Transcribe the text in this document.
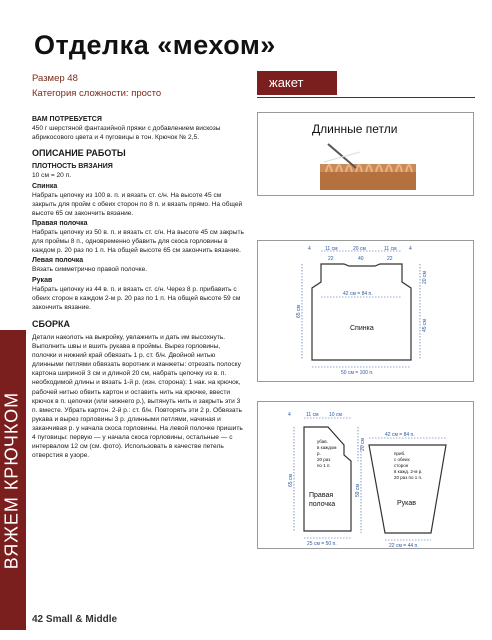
Отделка «мехом»
Размер 48
Категория сложности: просто
жакет
ВАМ ПОТРЕБУЕТСЯ

450 г шерстяной фантазийной пряжи с добавлением вискозы абрикосового цвета и 4 пуговицы в тон. Крючок № 2,5.

ОПИСАНИЕ РАБОТЫ
ПЛОТНОСТЬ ВЯЗАНИЯ

10 см = 20 п.

Спинка

Набрать цепочку из 100 в. п. и вязать ст. с/н. На высоте 45 см закрыть для пройм с обеих сторон по 8 п. и вязать прямо. На общей высоте 65 см закончить вязание.

Правая полочка

Набрать цепочку из 50 в. п. и вязать ст. с/н. На высоте 45 см закрыть для проймы 8 п., одновременно убавить для скоса горловины в каждом р. 20 раз по 1 п. На общей высоте 65 см закончить вязание.

Левая полочка

Вязать симметрично правой полочке.

Рукав

Набрать цепочку из 44 в. п. и вязать ст. с/н. Через 8 р. прибавить с обеих сторон в каждом 2-м р. 20 раз по 1 п. На общей высоте 59 см закончить вязание.

СБОРКА

Детали наколоть на выкройку, увлажнить и дать им высохнуть. Выполнить швы и вшить рукава в проймы. Вырез горловины, полочки и нижний край обвязать 1 р. ст. б/н. Двойной нитью длинными петлями обвязать воротник и манжеты: отрезать полоску картона шириной 3 см и длиной 20 см, набрать цепочку из в. п. необходимой длины и вязать 1-й р. (изн. сторона): 1 нак. на крючок, рабочей нитью обвить картон и оставить нить на крючке, ввести крючок в п. цепочки (или нижнего р.), вытянуть нить и закрыть эти 3 п. вместе. Убрать картон. 2-й р.: ст. б/н. Повторять эти 2 р. Обвязать рукава и вырез горловины 3 р. длинными петлями, начиная и заканчивая р. у начала скоса горловины. На левой полочке пришить 4 пуговицы: первую — у начала скоса горловины, остальные — с интервалом 12 см (см. фото). Использовать в качестве петель отверстия в узоре.

ВЯЖЕМ КРЮЧКОМ
42 Small & Middle
Длинные петли
4	11 см	20 см	11 см 4
22	40	22
42 см = 84 п.
Спинка
50 см = 100 п.
65 см
20 см
45 см
4	11 см 10 см
убав.
в каждом
р.
20 раз
по 1 п.
Правая
полочка
25 см = 50 п.
65 см
20 см
42 см = 84 п.
приб.
с обеих
сторон
в кажд. 2-м р.
20 раз по 1 п.
Рукав
22 см = 44 п.
59 см
